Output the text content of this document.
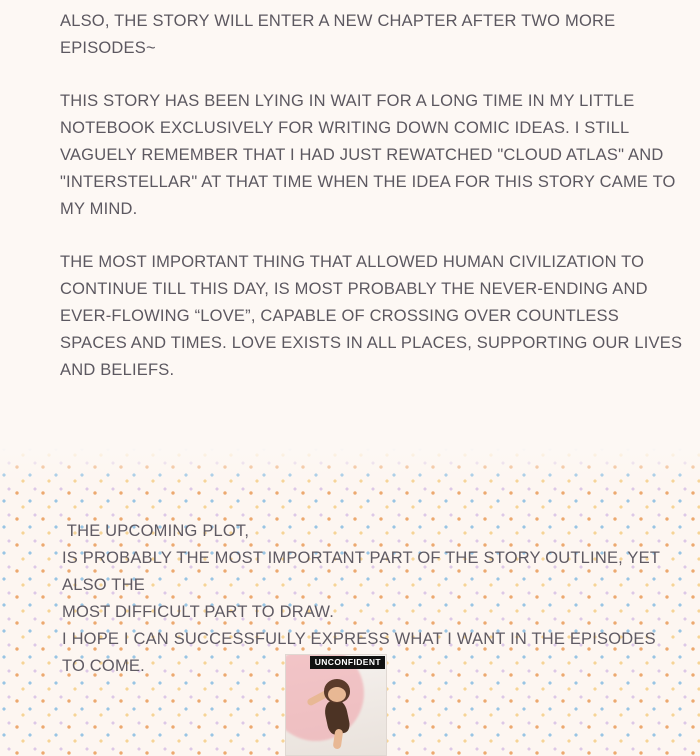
ALSO, THE STORY WILL ENTER A NEW CHAPTER AFTER TWO MORE EPISODES~

THIS STORY HAS BEEN LYING IN WAIT FOR A LONG TIME IN MY LITTLE NOTEBOOK EXCLUSIVELY FOR WRITING DOWN COMIC IDEAS. I STILL VAGUELY REMEMBER THAT I HAD JUST REWATCHED "CLOUD ATLAS" AND "INTERSTELLAR" AT THAT TIME WHEN THE IDEA FOR THIS STORY CAME TO MY MIND.

THE MOST IMPORTANT THING THAT ALLOWED HUMAN CIVILIZATION TO CONTINUE TILL THIS DAY, IS MOST PROBABLY THE NEVER-ENDING AND EVER-FLOWING “LOVE”, CAPABLE OF CROSSING OVER COUNTLESS SPACES AND TIMES. LOVE EXISTS IN ALL PLACES, SUPPORTING OUR LIVES AND BELIEFS.

THE UPCOMING PLOT,

IS PROBABLY THE MOST IMPORTANT PART OF THE STORY OUTLINE, YET ALSO THE

MOST DIFFICULT PART TO DRAW.

I HOPE I CAN SUCCESSFULLY EXPRESS WHAT I WANT IN THE EPISODES TO COME.	UNCONFIDENT
